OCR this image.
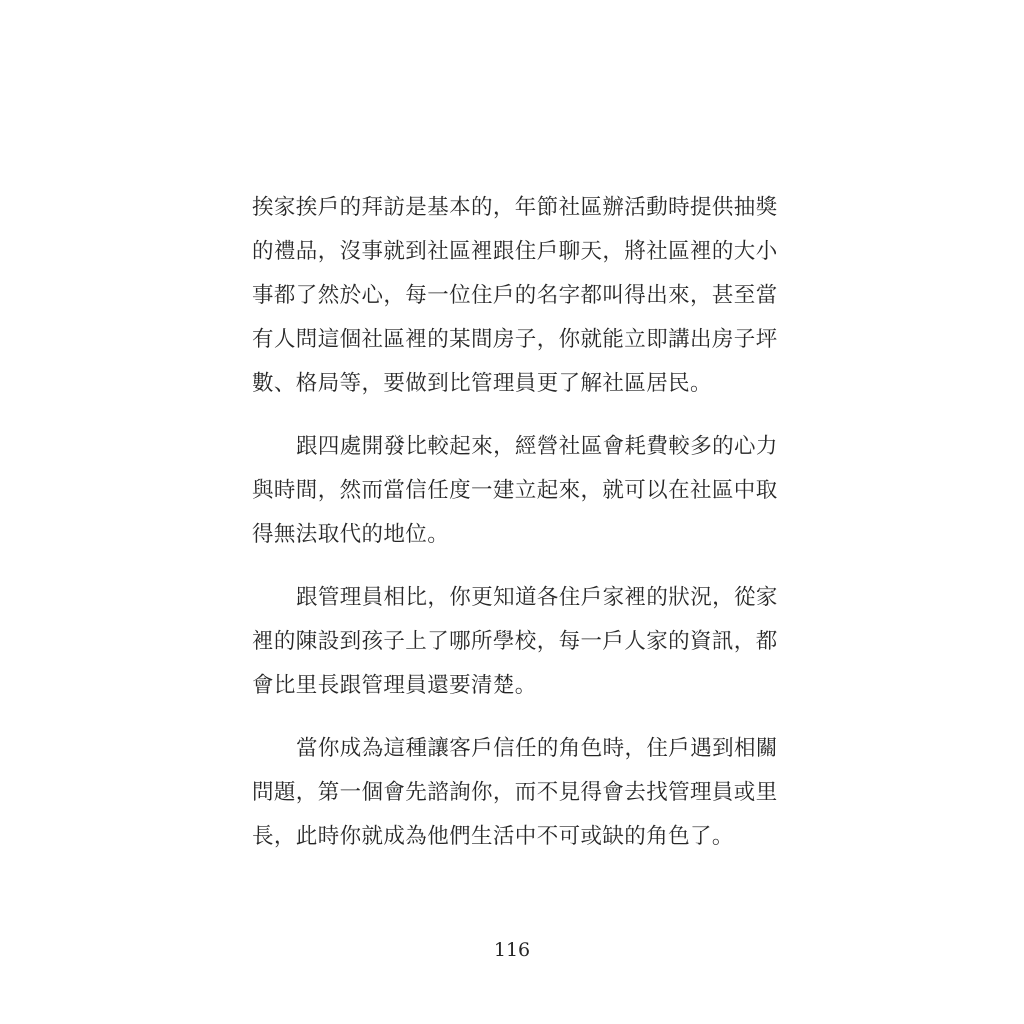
挨家挨戶的拜訪是基本的，年節社區辦活動時提供抽獎
的禮品，沒事就到社區裡跟住戶聊天，將社區裡的大小
事都了然於心，每一位住戶的名字都叫得出來，甚至當
有人問這個社區裡的某間房子，你就能立即講出房子坪
數、格局等，要做到比管理員更了解社區居民。
跟四處開發比較起來，經營社區會耗費較多的心力
與時間，然而當信任度一建立起來，就可以在社區中取
得無法取代的地位。
跟管理員相比，你更知道各住戶家裡的狀況，從家
裡的陳設到孩子上了哪所學校，每一戶人家的資訊，都
會比里長跟管理員還要清楚。
當你成為這種讓客戶信任的角色時，住戶遇到相關
問題，第一個會先諮詢你，而不見得會去找管理員或里
長，此時你就成為他們生活中不可或缺的角色了。
116
